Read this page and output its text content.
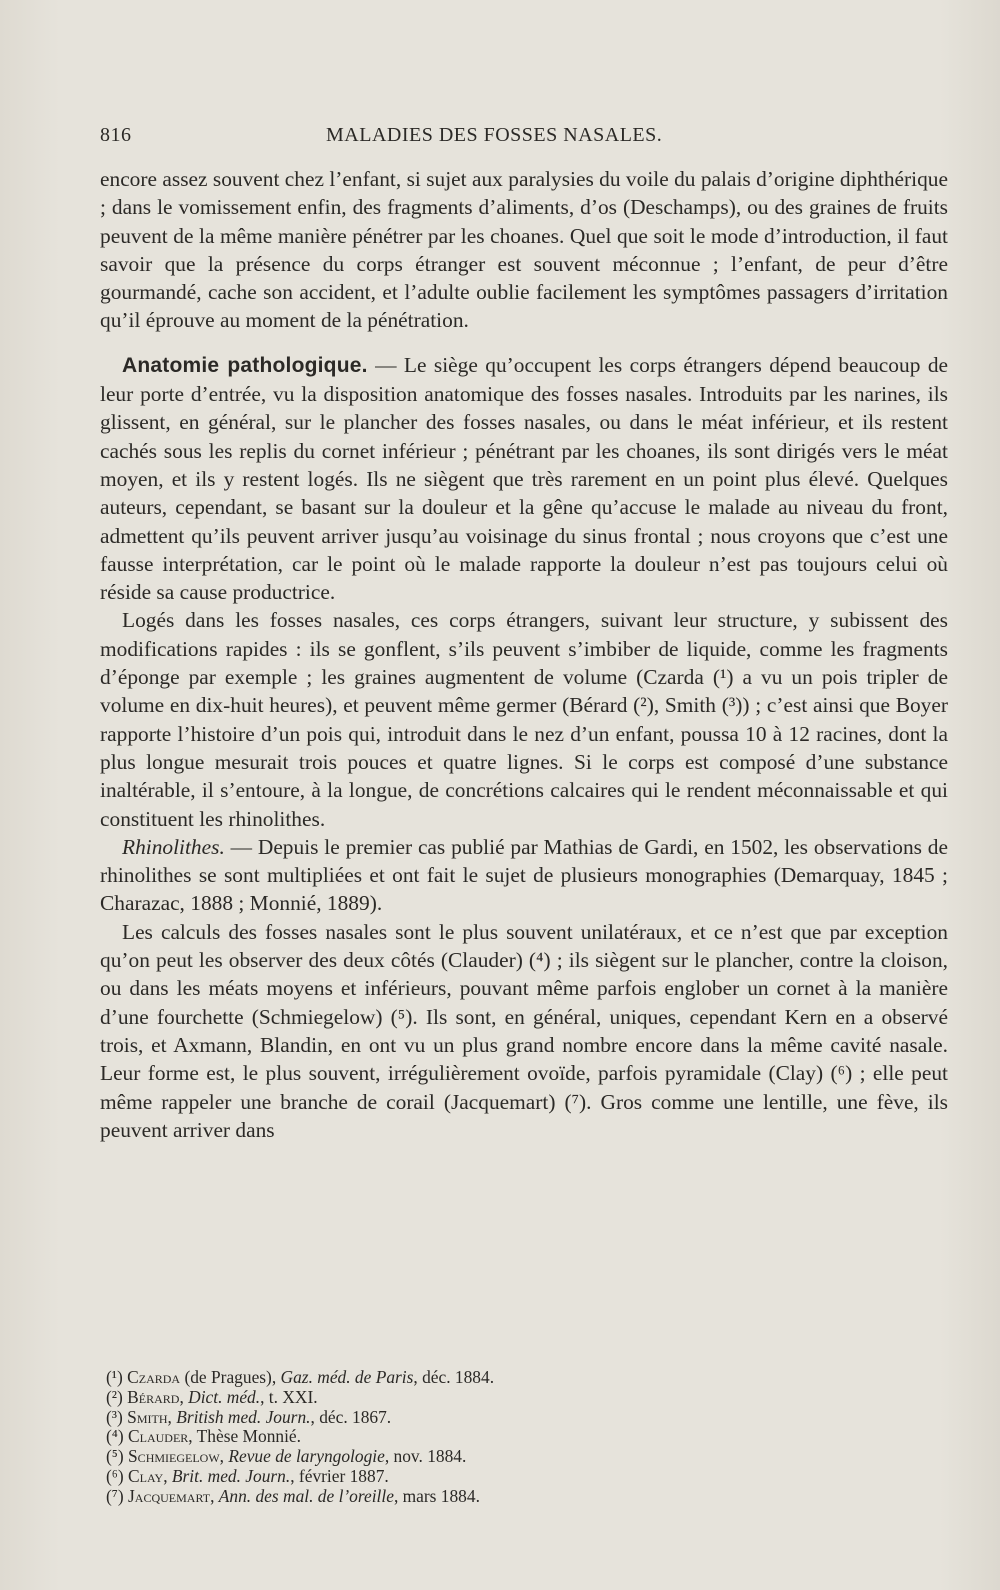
816	MALADIES DES FOSSES NASALES.

encore assez souvent chez l’enfant, si sujet aux paralysies du voile du palais d’origine diphthérique ; dans le vomissement enfin, des fragments d’aliments, d’os (Deschamps), ou des graines de fruits peuvent de la même manière pénétrer par les choanes. Quel que soit le mode d’introduction, il faut savoir que la présence du corps étranger est souvent méconnue ; l’enfant, de peur d’être gourmandé, cache son accident, et l’adulte oublie facilement les symptômes passagers d’irritation qu’il éprouve au moment de la pénétration.

Anatomie pathologique. — Le siège qu’occupent les corps étrangers dépend beaucoup de leur porte d’entrée, vu la disposition anatomique des fosses nasales. Introduits par les narines, ils glissent, en général, sur le plancher des fosses nasales, ou dans le méat inférieur, et ils restent cachés sous les replis du cornet inférieur ; pénétrant par les choanes, ils sont dirigés vers le méat moyen, et ils y restent logés. Ils ne siègent que très rarement en un point plus élevé. Quelques auteurs, cependant, se basant sur la douleur et la gêne qu’accuse le malade au niveau du front, admettent qu’ils peuvent arriver jusqu’au voisinage du sinus frontal ; nous croyons que c’est une fausse interprétation, car le point où le malade rapporte la douleur n’est pas toujours celui où réside sa cause productrice.

Logés dans les fosses nasales, ces corps étrangers, suivant leur structure, y subissent des modifications rapides : ils se gonflent, s’ils peuvent s’imbiber de liquide, comme les fragments d’éponge par exemple ; les graines augmentent de volume (Czarda (¹) a vu un pois tripler de volume en dix-huit heures), et peuvent même germer (Bérard (²), Smith (³)) ; c’est ainsi que Boyer rapporte l’histoire d’un pois qui, introduit dans le nez d’un enfant, poussa 10 à 12 racines, dont la plus longue mesurait trois pouces et quatre lignes. Si le corps est composé d’une substance inaltérable, il s’entoure, à la longue, de concrétions calcaires qui le rendent méconnaissable et qui constituent les rhinolithes.

Rhinolithes. — Depuis le premier cas publié par Mathias de Gardi, en 1502, les observations de rhinolithes se sont multipliées et ont fait le sujet de plusieurs monographies (Demarquay, 1845 ; Charazac, 1888 ; Monnié, 1889).

Les calculs des fosses nasales sont le plus souvent unilatéraux, et ce n’est que par exception qu’on peut les observer des deux côtés (Clauder) (⁴) ; ils siègent sur le plancher, contre la cloison, ou dans les méats moyens et inférieurs, pouvant même parfois englober un cornet à la manière d’une fourchette (Schmiegelow) (⁵). Ils sont, en général, uniques, cependant Kern en a observé trois, et Axmann, Blandin, en ont vu un plus grand nombre encore dans la même cavité nasale. Leur forme est, le plus souvent, irrégulièrement ovoïde, parfois pyramidale (Clay) (⁶) ; elle peut même rappeler une branche de corail (Jacquemart) (⁷). Gros comme une lentille, une fève, ils peuvent arriver dans

(¹) Czarda (de Pragues), Gaz. méd. de Paris, déc. 1884.
(²) Bérard, Dict. méd., t. XXI.
(³) Smith, British med. Journ., déc. 1867.
(⁴) Clauder, Thèse Monnié.
(⁵) Schmiegelow, Revue de laryngologie, nov. 1884.
(⁶) Clay, Brit. med. Journ., février 1887.
(⁷) Jacquemart, Ann. des mal. de l’oreille, mars 1884.
